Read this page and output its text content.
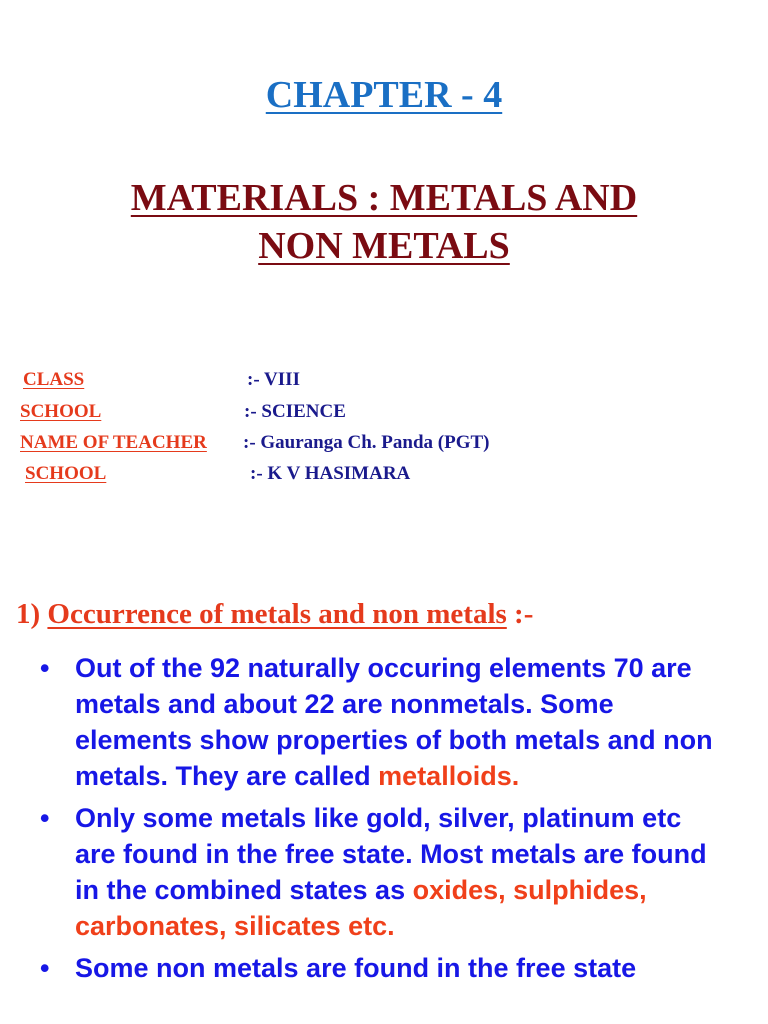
CHAPTER - 4
MATERIALS : METALS AND
NON METALS
CLASS	:- VIII
SCHOOL	:- SCIENCE
NAME OF TEACHER :- Gauranga Ch. Panda (PGT)
SCHOOL	:- K V HASIMARA
1) Occurrence of metals and non metals :-
• Out of the 92 naturally occuring elements 70 are metals and about 22 are nonmetals. Some elements show properties of both metals and non metals. They are called metalloids.
• Only some metals like gold, silver, platinum etc are found in the free state. Most metals are found in the combined states as oxides, sulphides, carbonates, silicates etc.
• Some non metals are found in the free state
